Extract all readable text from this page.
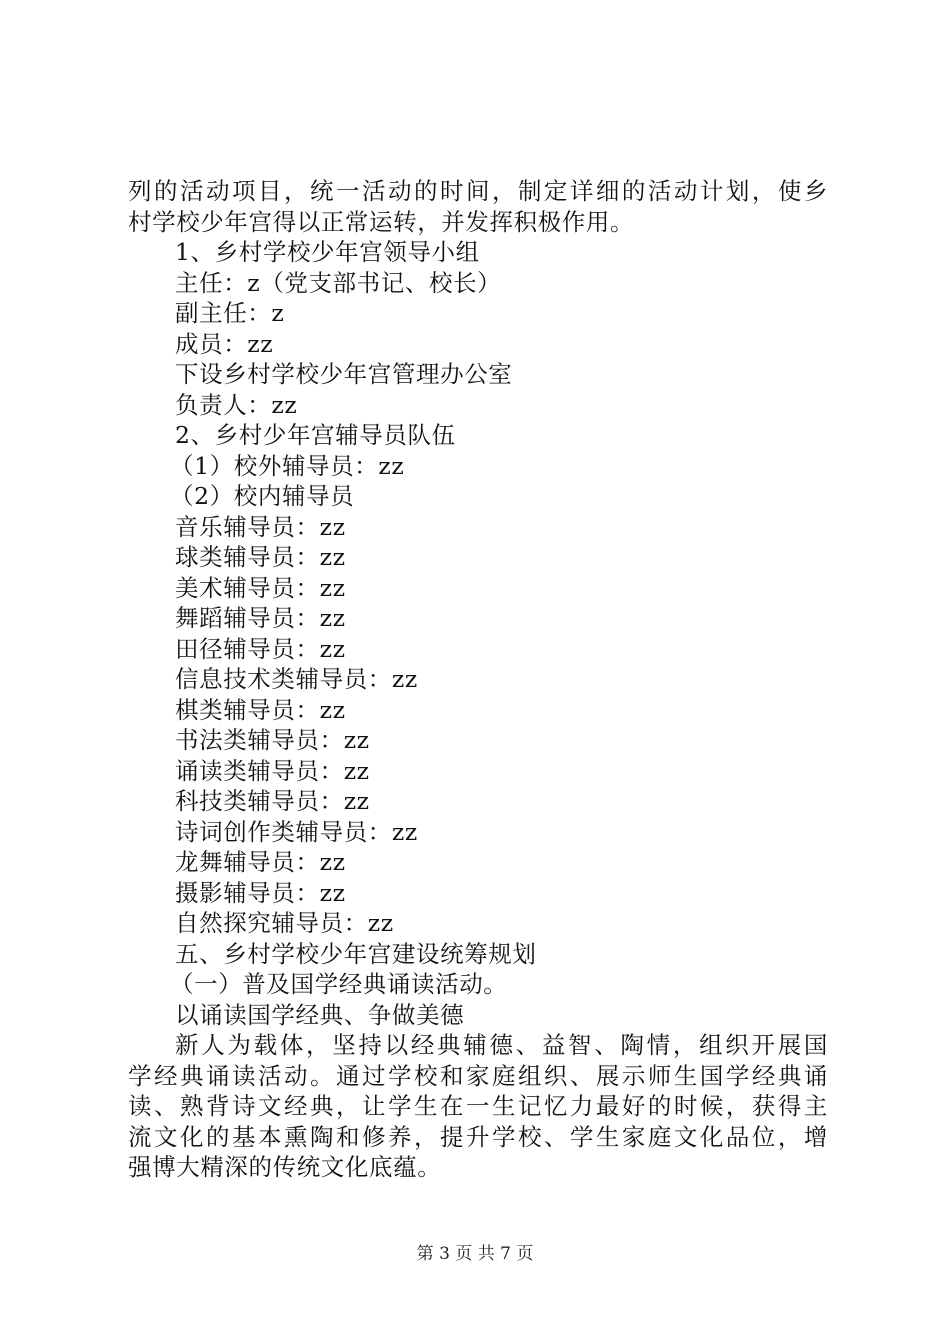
列的活动项目，统一活动的时间，制定详细的活动计划，使乡
村学校少年宫得以正常运转，并发挥积极作用。
1、乡村学校少年宫领导小组
主任：z（党支部书记、校长）
副主任：z
成员：zz
下设乡村学校少年宫管理办公室
负责人：zz
2、乡村少年宫辅导员队伍
（1）校外辅导员：zz
（2）校内辅导员
音乐辅导员：zz
球类辅导员：zz
美术辅导员：zz
舞蹈辅导员：zz
田径辅导员：zz
信息技术类辅导员：zz
棋类辅导员：zz
书法类辅导员：zz
诵读类辅导员：zz
科技类辅导员：zz
诗词创作类辅导员：zz
龙舞辅导员：zz
摄影辅导员：zz
自然探究辅导员：zz
五、乡村学校少年宫建设统筹规划
（一）普及国学经典诵读活动。
以诵读国学经典、争做美德
新人为载体，坚持以经典辅德、益智、陶情，组织开展国
学经典诵读活动。通过学校和家庭组织、展示师生国学经典诵
读、熟背诗文经典，让学生在一生记忆力最好的时候，获得主
流文化的基本熏陶和修养，提升学校、学生家庭文化品位，增
强博大精深的传统文化底蕴。
第 3 页 共 7 页
